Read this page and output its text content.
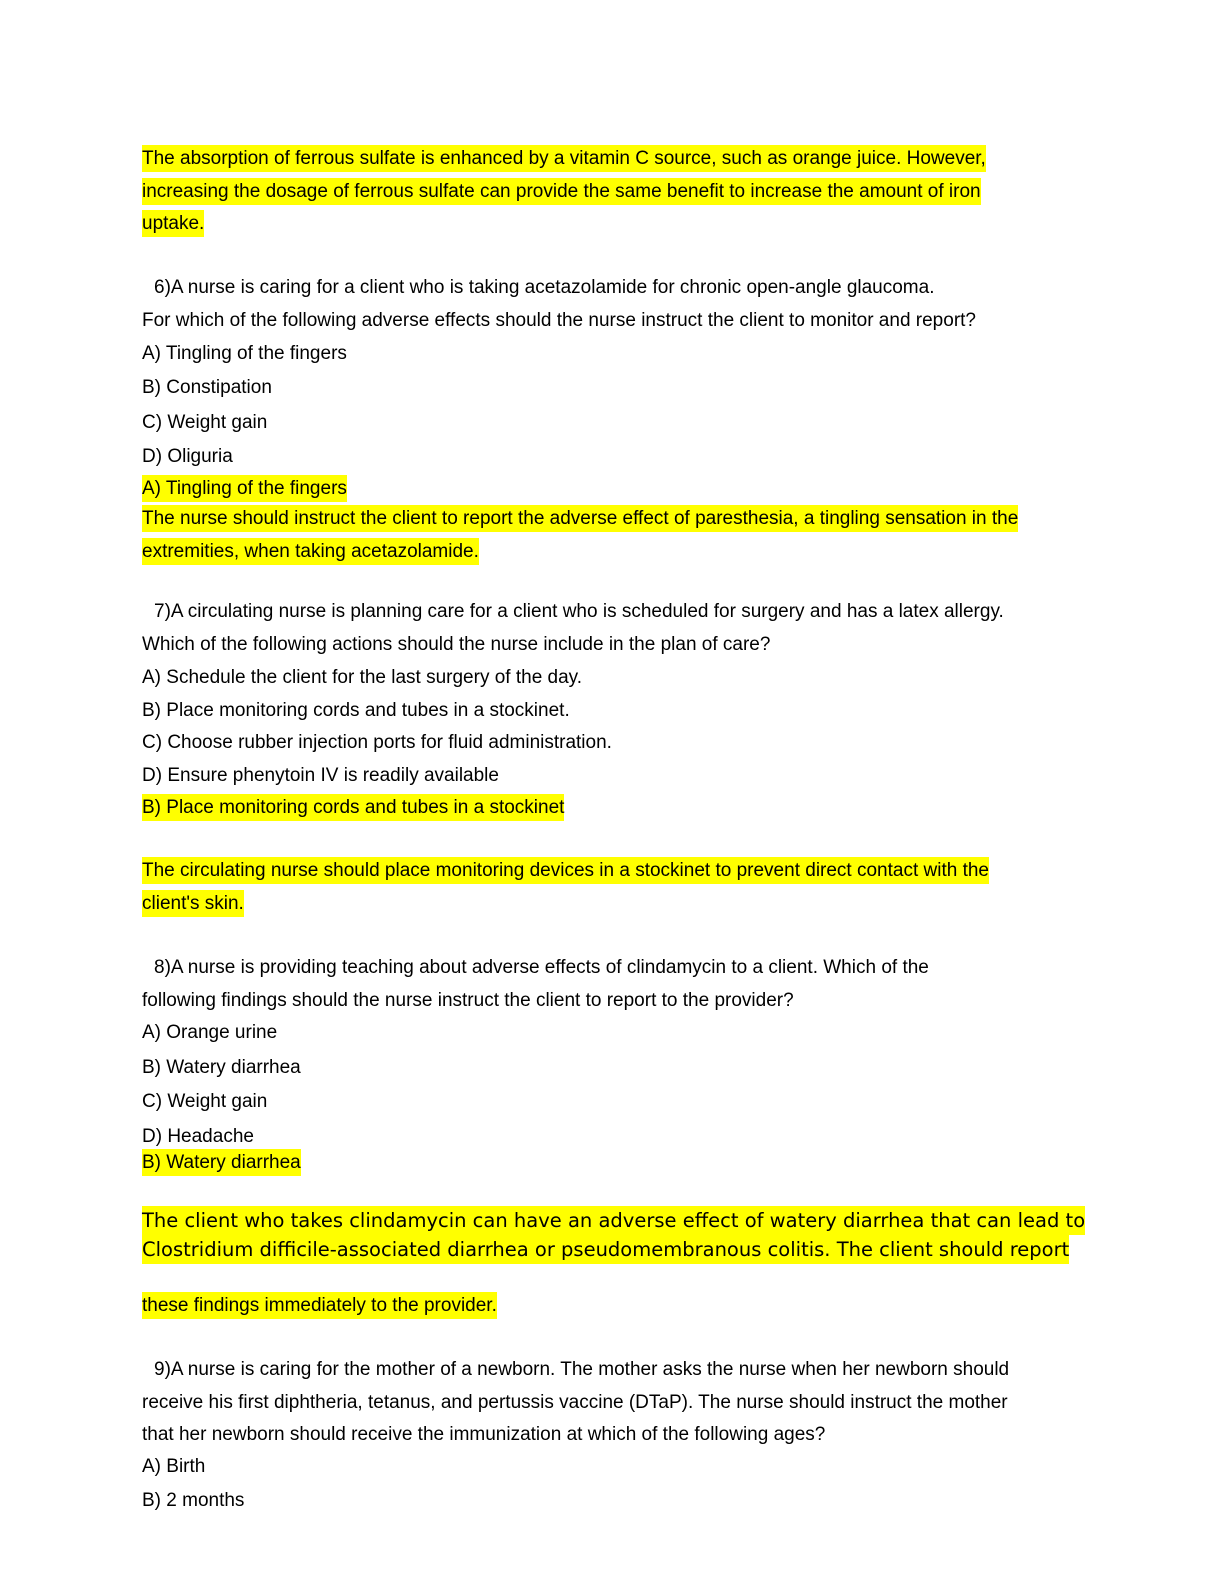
The absorption of ferrous sulfate is enhanced by a vitamin C source, such as orange juice. However,
increasing the dosage of ferrous sulfate can provide the same benefit to increase the amount of iron
uptake.
6)A nurse is caring for a client who is taking acetazolamide for chronic open-angle glaucoma.
For which of the following adverse effects should the nurse instruct the client to monitor and report?
A) Tingling of the fingers
B) Constipation
C) Weight gain
D) Oliguria
A) Tingling of the fingers
The nurse should instruct the client to report the adverse effect of paresthesia, a tingling sensation in the
extremities, when taking acetazolamide.
7)A circulating nurse is planning care for a client who is scheduled for surgery and has a latex allergy.
Which of the following actions should the nurse include in the plan of care?
A) Schedule the client for the last surgery of the day.
B) Place monitoring cords and tubes in a stockinet.
C) Choose rubber injection ports for fluid administration.
D) Ensure phenytoin IV is readily available
B) Place monitoring cords and tubes in a stockinet
The circulating nurse should place monitoring devices in a stockinet to prevent direct contact with the
client's skin.
8)A nurse is providing teaching about adverse effects of clindamycin to a client. Which of the
following findings should the nurse instruct the client to report to the provider?
A) Orange urine
B) Watery diarrhea
C) Weight gain
D) Headache
B) Watery diarrhea
The client who takes clindamycin can have an adverse effect of watery diarrhea that can lead to
Clostridium difficile-associated diarrhea or pseudomembranous colitis. The client should report
these findings immediately to the provider.
9)A nurse is caring for the mother of a newborn. The mother asks the nurse when her newborn should
receive his first diphtheria, tetanus, and pertussis vaccine (DTaP). The nurse should instruct the mother
that her newborn should receive the immunization at which of the following ages?
A) Birth
B) 2 months
